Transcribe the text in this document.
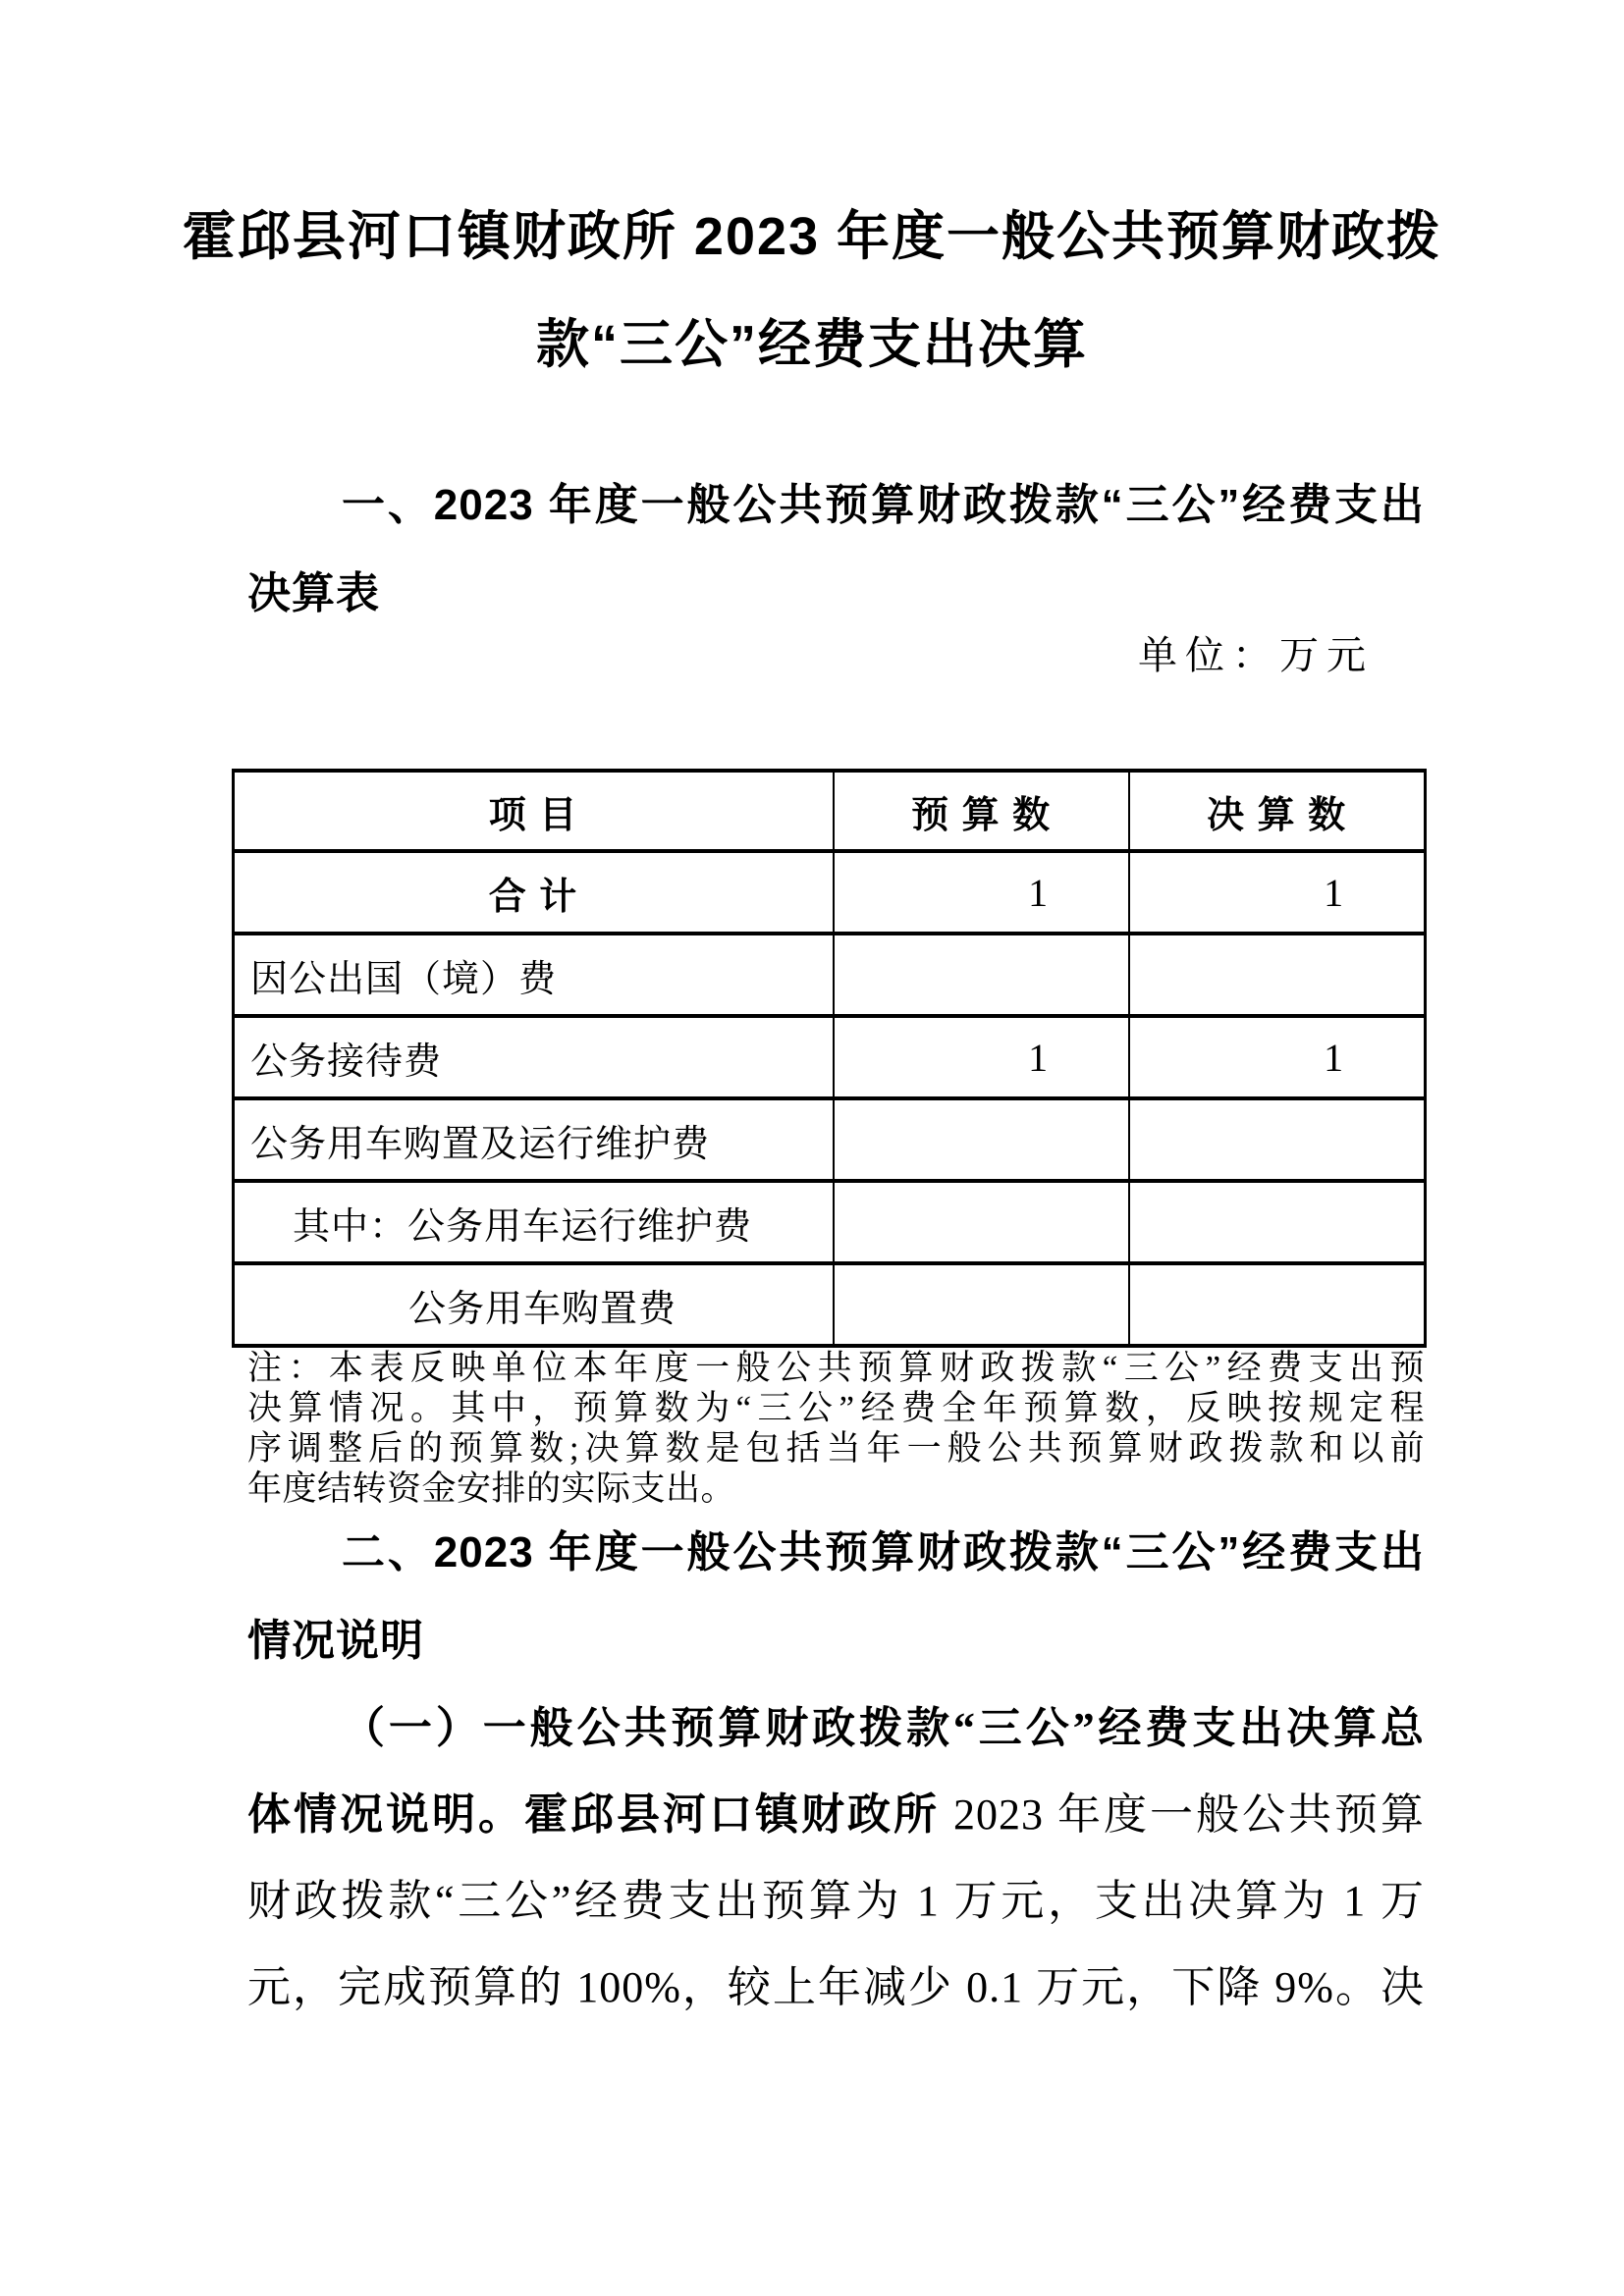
霍邱县河口镇财政所 2023 年度一般公共预算财政拨
款“三公”经费支出决算
一、2023 年度一般公共预算财政拨款“三公”经费支出
决算表
单位：万元
项 目	预 算 数	决 算 数
合 计	1	1
因公出国（境）费		
公务接待费	1	1
公务用车购置及运行维护费		
其中：公务用车运行维护费		
公务用车购置费		
注：本表反映单位本年度一般公共预算财政拨款“三公”经费支出预
决算情况。其中，预算数为“三公”经费全年预算数，反映按规定程
序调整后的预算数;决算数是包括当年一般公共预算财政拨款和以前
年度结转资金安排的实际支出。
二、2023 年度一般公共预算财政拨款“三公”经费支出
情况说明
（一）一般公共预算财政拨款“三公”经费支出决算总
体情况说明。霍邱县河口镇财政所 2023 年度一般公共预算
财政拨款“三公”经费支出预算为 1 万元，支出决算为 1 万
元，完成预算的 100%，较上年减少 0.1 万元，下降 9%。决
